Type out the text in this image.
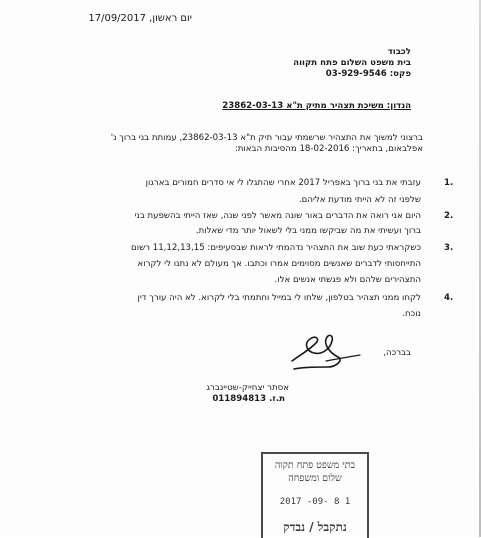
יום ראשון, 17/09/2017
לכבוד
בית משפט השלום פתח תקווה
פקס: 03-929-9546
הנדון: משיכת תצהיר מתיק ת"א 23862-03-13
ברצוני למשוך את התצהיר שרשמתי עבור תיק ת"א 23862-03-13, עמותת בני ברוך נ'
אפלבאום, בתאריך: 18-02-2016 מהסיבות הבאות:
1.
עזבתי את בני ברוך באפריל 2017 אחרי שהתגלו לי אי סדרים חמורים בארגון
שלפני זה לא הייתי מודעת אליהם.
2.
היום אני רואה את הדברים באור שונה מאשר לפני שנה, שאז הייתי בהשפעת בני
ברוך ועשיתי את מה שביקשו ממני בלי לשאול יותר מדי שאלות.
3.
כשקראתי כעת שוב את התצהיר נדהמתי לראות שבסעיפים: 11,12,13,15 רשום
התייחסותי לדברים שאנשים מסוימים אמרו וכתבו. אך מעולם לא נתנו לי לקרוא
התצהירים שלהם ולא פגשתי אנשים אלו.
4.
לקחו ממני תצהיר בטלפון, שלחו לי במייל וחתמתי בלי לקרוא. לא היה עורך דין
נוכח.
בברכה,
אסתר יצחייק-שטיינברג
ת.ז. 011894813
בתי משפט פתח תקוה
שלום ומשפחה
1 8 -09- 2017
נתקבל / נבדק
